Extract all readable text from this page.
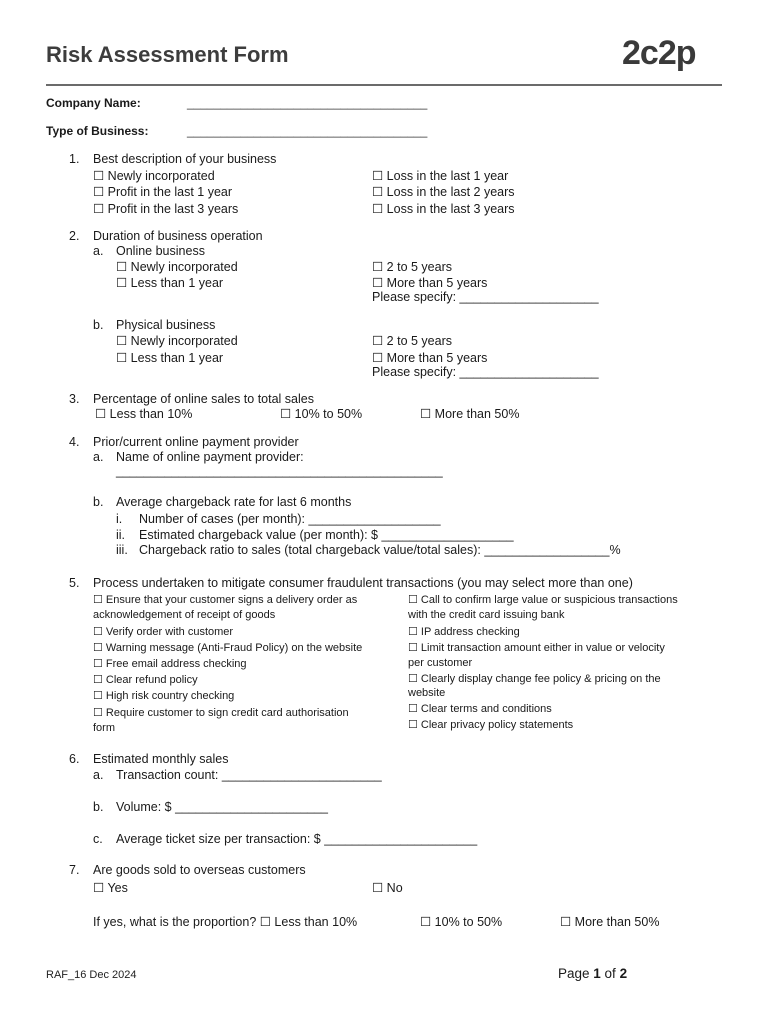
Risk Assessment Form	2c2p
Company Name:	____________________________________
Type of Business:	____________________________________
1. Best description of your business
☐ Newly incorporated
☐ Profit in the last 1 year
☐ Profit in the last 3 years
☐ Loss in the last 1 year
☐ Loss in the last 2 years
☐ Loss in the last 3 years
2. Duration of business operation
a. Online business
☐ Newly incorporated
☐ Less than 1 year
☐ 2 to 5 years
☐ More than 5 years
Please specify: ____________________
b. Physical business
☐ Newly incorporated
☐ Less than 1 year
☐ 2 to 5 years
☐ More than 5 years
Please specify: ____________________
3. Percentage of online sales to total sales
☐ Less than 10%	☐ 10% to 50%	☐ More than 50%
4. Prior/current online payment provider
a. Name of online payment provider:
_______________________________________________
b. Average chargeback rate for last 6 months
i. Number of cases (per month): ___________________
ii. Estimated chargeback value (per month): $ ___________________
iii. Chargeback ratio to sales (total chargeback value/total sales): __________________%
5. Process undertaken to mitigate consumer fraudulent transactions (you may select more than one)
☐ Ensure that your customer signs a delivery order as
acknowledgement of receipt of goods
☐ Verify order with customer
☐ Warning message (Anti-Fraud Policy) on the website
☐ Free email address checking
☐ Clear refund policy
☐ High risk country checking
☐ Require customer to sign credit card authorisation
form
☐ Call to confirm large value or suspicious transactions
with the credit card issuing bank
☐ IP address checking
☐ Limit transaction amount either in value or velocity
per customer
☐ Clearly display change fee policy & pricing on the
website
☐ Clear terms and conditions
☐ Clear privacy policy statements
6. Estimated monthly sales
a. Transaction count: _______________________
b. Volume: $ ______________________
c. Average ticket size per transaction: $ ______________________
7. Are goods sold to overseas customers
☐ Yes	☐ No
If yes, what is the proportion? ☐ Less than 10%	☐ 10% to 50%	☐ More than 50%
RAF_16 Dec 2024	Page 1 of 2
